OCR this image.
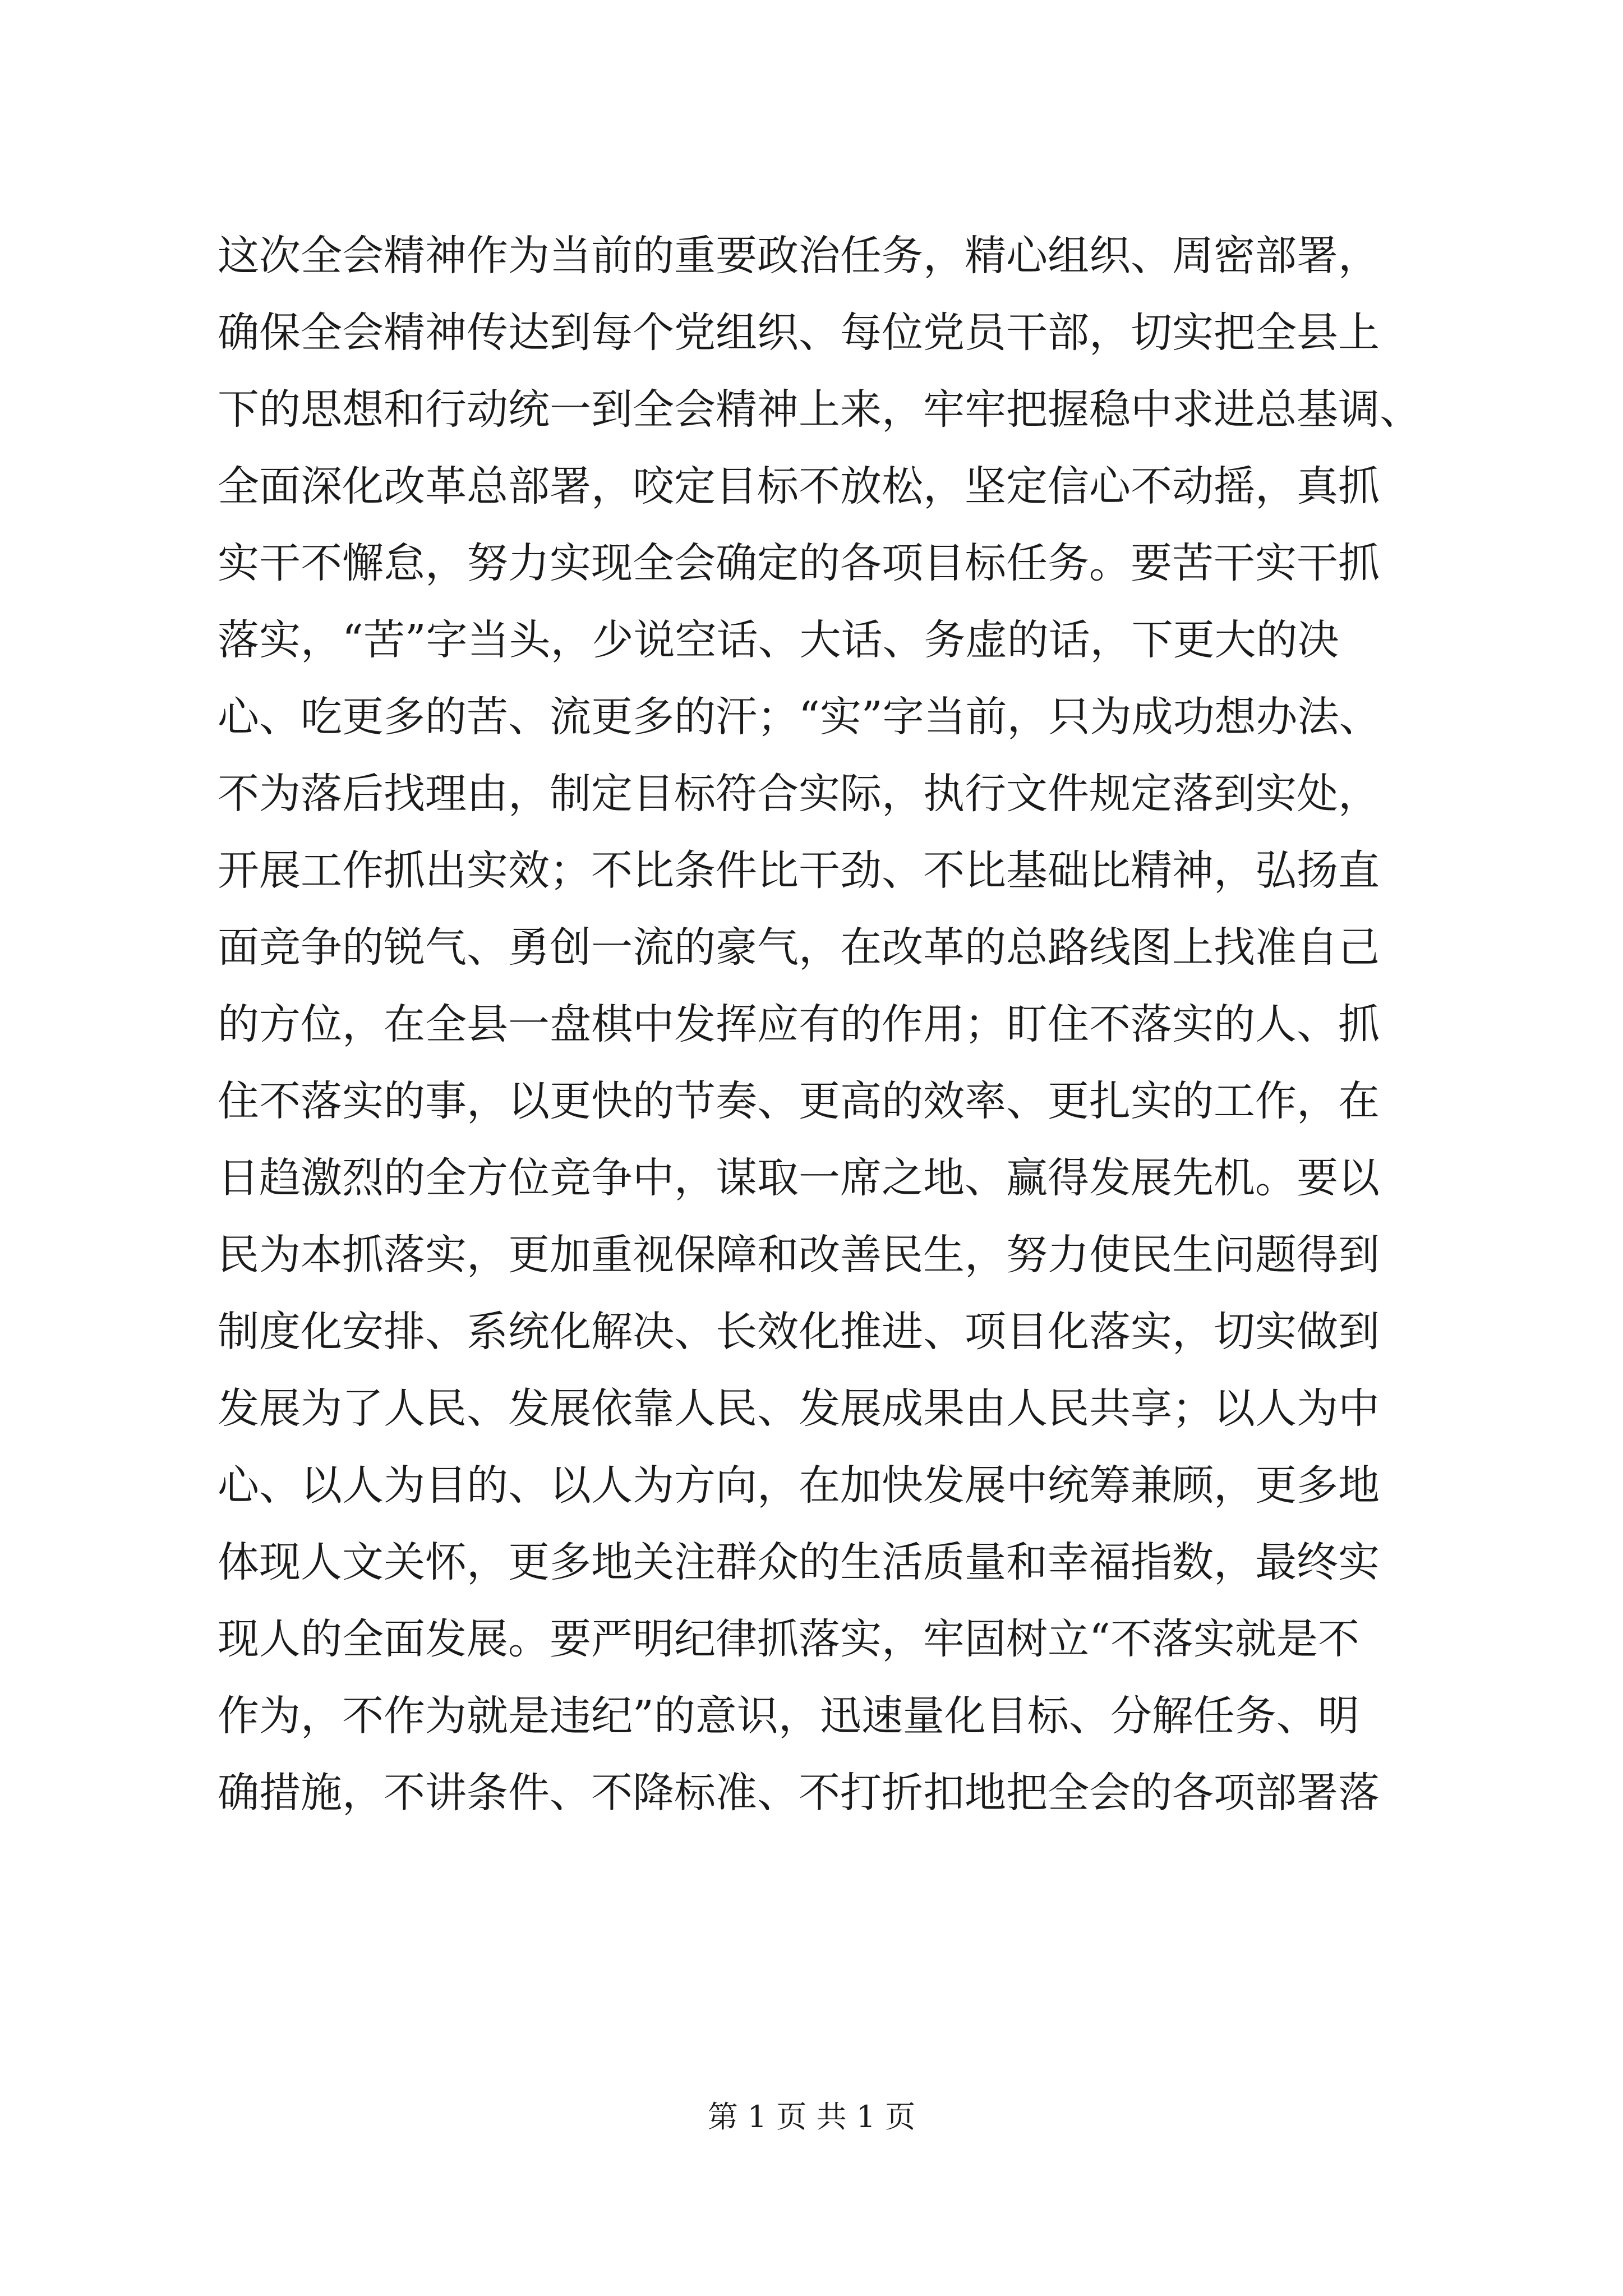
这次全会精神作为当前的重要政治任务，精心组织、周密部署，
确保全会精神传达到每个党组织、每位党员干部，切实把全县上
下的思想和行动统一到全会精神上来，牢牢把握稳中求进总基调、
全面深化改革总部署，咬定目标不放松，坚定信心不动摇，真抓
实干不懈怠，努力实现全会确定的各项目标任务。要苦干实干抓
落实，“苦”字当头，少说空话、大话、务虚的话，下更大的决
心、吃更多的苦、流更多的汗；“实”字当前，只为成功想办法、
不为落后找理由，制定目标符合实际，执行文件规定落到实处，
开展工作抓出实效；不比条件比干劲、不比基础比精神，弘扬直
面竞争的锐气、勇创一流的豪气，在改革的总路线图上找准自己
的方位，在全县一盘棋中发挥应有的作用；盯住不落实的人、抓
住不落实的事，以更快的节奏、更高的效率、更扎实的工作，在
日趋激烈的全方位竞争中，谋取一席之地、赢得发展先机。要以
民为本抓落实，更加重视保障和改善民生，努力使民生问题得到
制度化安排、系统化解决、长效化推进、项目化落实，切实做到
发展为了人民、发展依靠人民、发展成果由人民共享；以人为中
心、以人为目的、以人为方向，在加快发展中统筹兼顾，更多地
体现人文关怀，更多地关注群众的生活质量和幸福指数，最终实
现人的全面发展。要严明纪律抓落实，牢固树立“不落实就是不
作为，不作为就是违纪”的意识，迅速量化目标、分解任务、明
确措施，不讲条件、不降标准、不打折扣地把全会的各项部署落
第 1 页 共 1 页
